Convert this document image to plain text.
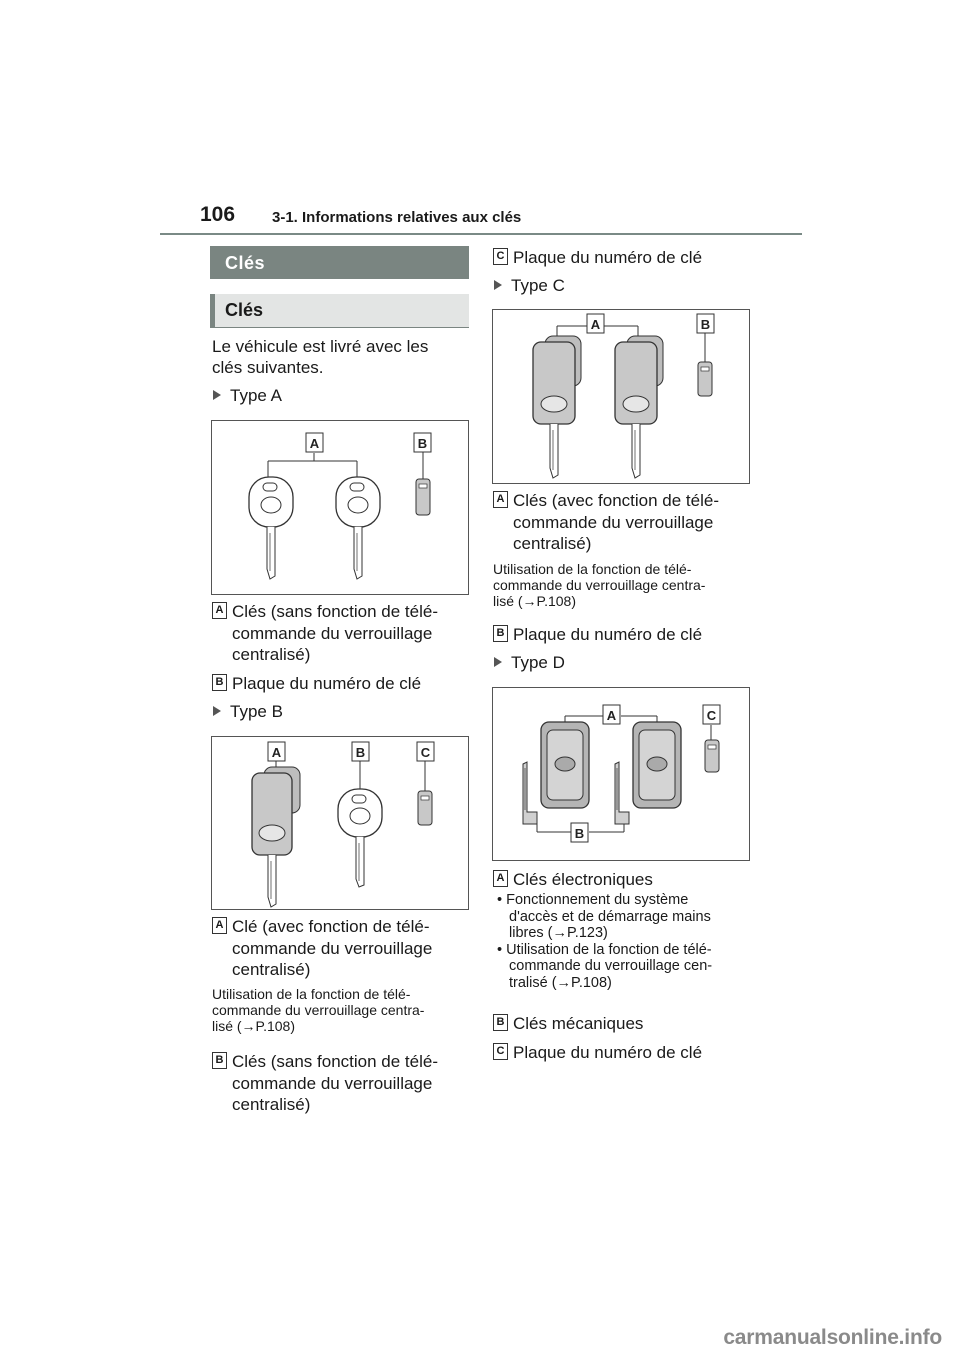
106 3-1. Informations relatives aux clés
Clés
Clés
Le véhicule est livré avec les clés suivantes.
Type A
A	B
A Clés (sans fonction de télé-
commande du verrouillage
centralisé)
B Plaque du numéro de clé
Type B
A	B	C
A Clé (avec fonction de télé-
commande du verrouillage
centralisé)
Utilisation de la fonction de télé-
commande du verrouillage centra-
lisé (→P.108)
B Clés (sans fonction de télé-
commande du verrouillage
centralisé)
C Plaque du numéro de clé
Type C
A	B
A Clés (avec fonction de télé-
commande du verrouillage
centralisé)
Utilisation de la fonction de télé-
commande du verrouillage centra-
lisé (→P.108)
B Plaque du numéro de clé
Type D
A
B
C
A Clés électroniques
• Fonctionnement du système
d'accès et de démarrage mains
libres (→P.123)
• Utilisation de la fonction de télé-
commande du verrouillage cen-
tralisé (→P.108)
B Clés mécaniques
C Plaque du numéro de clé
carmanualsonline.info
